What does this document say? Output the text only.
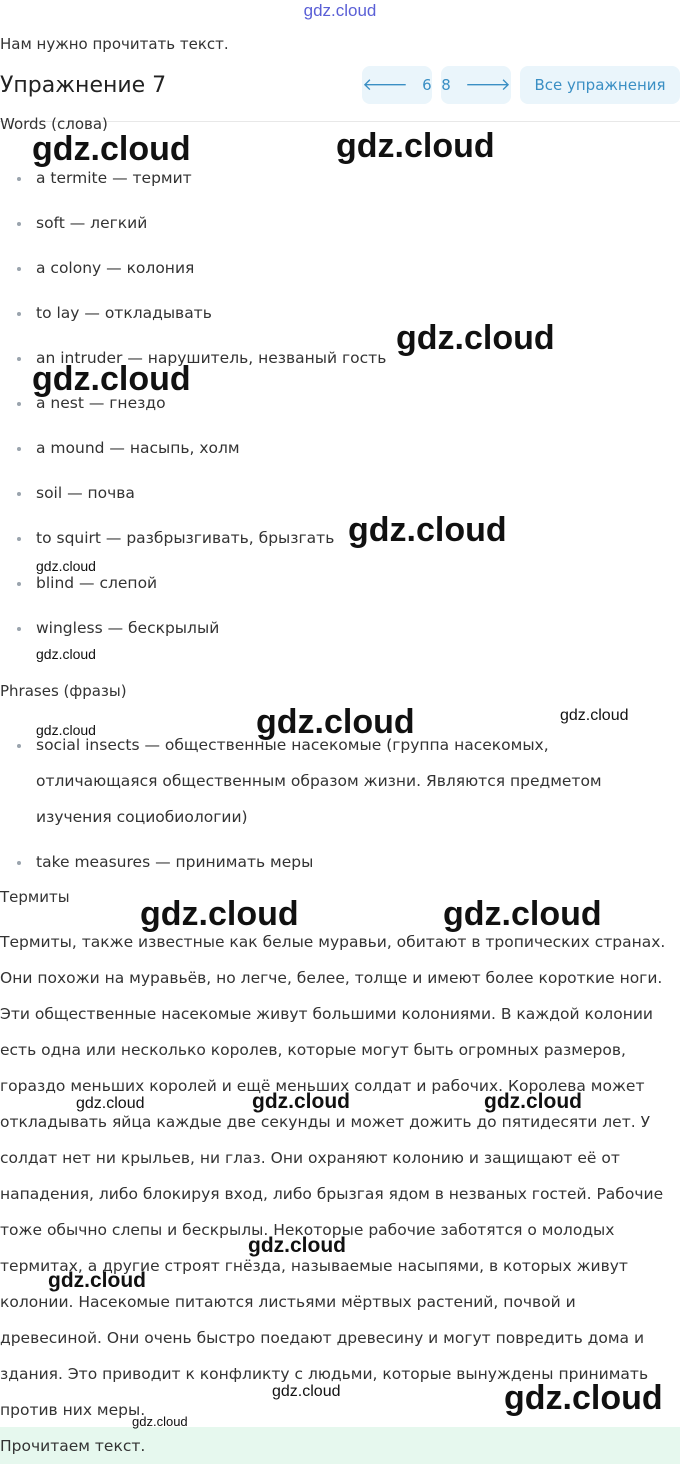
gdz.cloud
Нам нужно прочитать текст.
Упражнение 7	🡐 6 8 🡒	Все упражнения
Words (слова)
a termite — термит
soft — легкий
a colony — колония
to lay — откладывать
an intruder — нарушитель, незваный гость
a nest — гнездо
a mound — насыпь, холм
soil — почва
to squirt — разбрызгивать, брызгать
blind — слепой
wingless — бескрылый
Phrases (фразы)
social insects — общественные насекомые (группа насекомых, отличающаяся общественным образом жизни. Являются предметом изучения социобиологии)
take measures — принимать меры
Термиты

Термиты, также известные как белые муравьи, обитают в тропических странах. Они похожи на муравьёв, но легче, белее, толще и имеют более короткие ноги. Эти общественные насекомые живут большими колониями. В каждой колонии есть одна или несколько королев, которые могут быть огромных размеров, гораздо меньших королей и ещё меньших солдат и рабочих. Королева может откладывать яйца каждые две секунды и может дожить до пятидесяти лет. У солдат нет ни крыльев, ни глаз. Они охраняют колонию и защищают её от нападения, либо блокируя вход, либо брызгая ядом в незваных гостей. Рабочие тоже обычно слепы и бескрылы. Некоторые рабочие заботятся о молодых термитах, а другие строят гнёзда, называемые насыпями, в которых живут колонии. Насекомые питаются листьями мёртвых растений, почвой и древесиной. Они очень быстро поедают древесину и могут повредить дома и здания. Это приводит к конфликту с людьми, которые вынуждены принимать против них меры.

Прочитаем текст.
gdz.cloud	gdz.cloud
gdz.cloud
gdz.cloud
gdz.cloud
gdz.cloud
gdz.cloud
gdz.cloud
gdz.cloud
gdz.cloud
gdz.cloud	gdz.cloud
gdz.cloud	gdz.cloud	gdz.cloud
gdz.cloud
gdz.cloud
gdz.cloud	gdz.cloud
gdz.cloud
